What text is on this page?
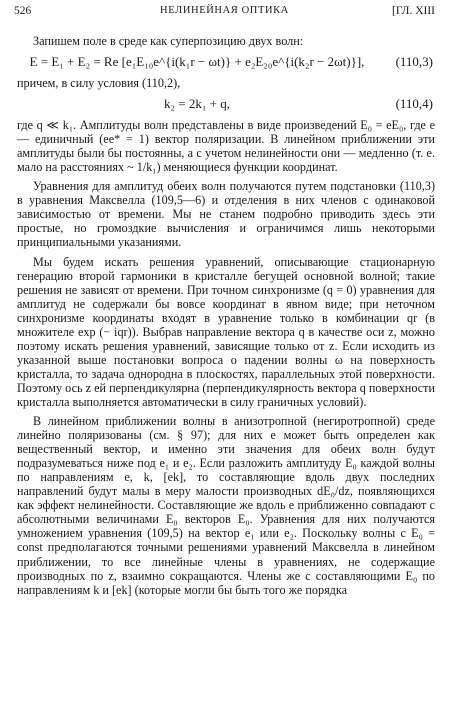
526	НЕЛИНЕЙНАЯ ОПТИКА	[ГЛ. XIII

Запишем поле в среде как суперпозицию двух волн:

E = E₁ + E₂ = Re [e₁E₁₀e^{i(k₁r − ωt)} + e₂E₂₀e^{i(k₂r − 2ωt)}],	(110,3)

причем, в силу условия (110,2),

k₂ = 2k₁ + q,	(110,4)

где q ≪ k₁. Амплитуды волн представлены в виде произведений E₀ = eE₀, где e — единичный (ee* = 1) вектор поляризации. В линейном приближении эти амплитуды были бы постоянны, а с учетом нелинейности они — медленно (т. е. мало на расстояниях ~ 1/k₁) меняющиеся функции координат.

Уравнения для амплитуд обеих волн получаются путем подстановки (110,3) в уравнения Максвелла (109,5—6) и отделения в них членов с одинаковой зависимостью от времени. Мы не станем подробно приводить здесь эти простые, но громоздкие вычисления и ограничимся лишь некоторыми принципиальными указаниями.

Мы будем искать решения уравнений, описывающие стационарную генерацию второй гармоники в кристалле бегущей основной волной; такие решения не зависят от времени. При точном синхронизме (q = 0) уравнения для амплитуд не содержали бы вовсе координат в явном виде; при неточном синхронизме координаты входят в уравнение только в комбинации qr (в множителе exp (− iqr)). Выбрав направление вектора q в качестве оси z, можно поэтому искать решения уравнений, зависящие только от z. Если исходить из указанной выше постановки вопроса о падении волны ω на поверхность кристалла, то задача однородна в плоскостях, параллельных этой поверхности. Поэтому ось z ей перпендикулярна (перпендикулярность вектора q поверхности кристалла выполняется автоматически в силу граничных условий).

В линейном приближении волны в анизотропной (негиротропной) среде линейно поляризованы (см. § 97); для них e может быть определен как вещественный вектор, и именно эти значения для обеих волн будут подразумеваться ниже под e₁ и e₂. Если разложить амплитуду E₀ каждой волны по направлениям e, k, [ek], то составляющие вдоль двух последних направлений будут малы в меру малости производных dE₀/dz, появляющихся как эффект нелинейности. Составляющие же вдоль e приближенно совпадают с абсолютными величинами E₀ векторов E₀. Уравнения для них получаются умножением уравнения (109,5) на вектор e₁ или e₂. Поскольку волны с E₀ = const предполагаются точными решениями уравнений Максвелла в линейном приближении, то все линейные члены в уравнениях, не содержащие производных по z, взаимно сокращаются. Члены же с составляющими E₀ по направлениям k и [ek] (которые могли бы быть того же порядка
